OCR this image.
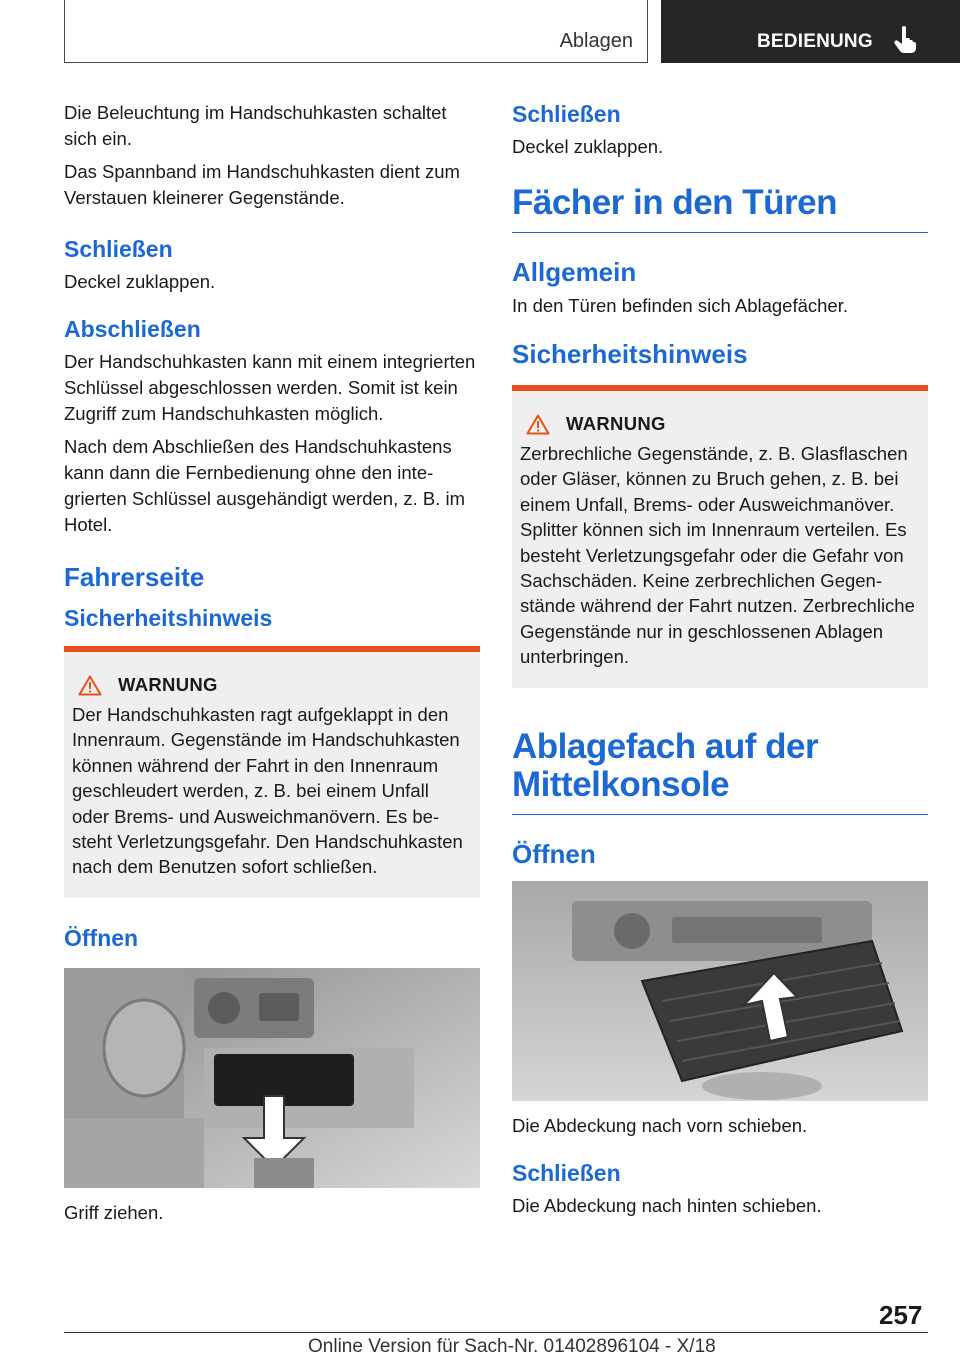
Ablagen	BEDIENUNG

Die Beleuchtung im Handschuhkasten schaltet sich ein.

Das Spannband im Handschuhkasten dient zum Verstauen kleinerer Gegenstände.

Schließen

Deckel zuklappen.

Abschließen

Der Handschuhkasten kann mit einem integrierten Schlüssel abgeschlossen werden. Somit ist kein Zugriff zum Handschuhkasten möglich.

Nach dem Abschließen des Handschuhkastens kann dann die Fernbedienung ohne den integrierten Schlüssel ausgehändigt werden, z. B. im Hotel.

Fahrerseite
Sicherheitshinweis
WARNUNG

Der Handschuhkasten ragt aufgeklappt in den Innenraum. Gegenstände im Handschuhkasten können während der Fahrt in den Innenraum geschleudert werden, z. B. bei einem Unfall oder Brems- und Ausweichmanövern. Es besteht Verletzungsgefahr. Den Handschuhkasten nach dem Benutzen sofort schließen.

Öffnen

Griff ziehen.

Schließen

Deckel zuklappen.

Fächer in den Türen
Allgemein

In den Türen befinden sich Ablagefächer.

Sicherheitshinweis
WARNUNG

Zerbrechliche Gegenstände, z. B. Glasflaschen oder Gläser, können zu Bruch gehen, z. B. bei einem Unfall, Brems- oder Ausweichmanöver. Splitter können sich im Innenraum verteilen. Es besteht Verletzungsgefahr oder die Gefahr von Sachschäden. Keine zerbrechlichen Gegenstände während der Fahrt nutzen. Zerbrechliche Gegenstände nur in geschlossenen Ablagen unterbringen.

Ablagefach auf der Mittelkonsole
Öffnen

Die Abdeckung nach vorn schieben.

Schließen

Die Abdeckung nach hinten schieben.

257
Online Version für Sach-Nr. 01402896104 - X/18
